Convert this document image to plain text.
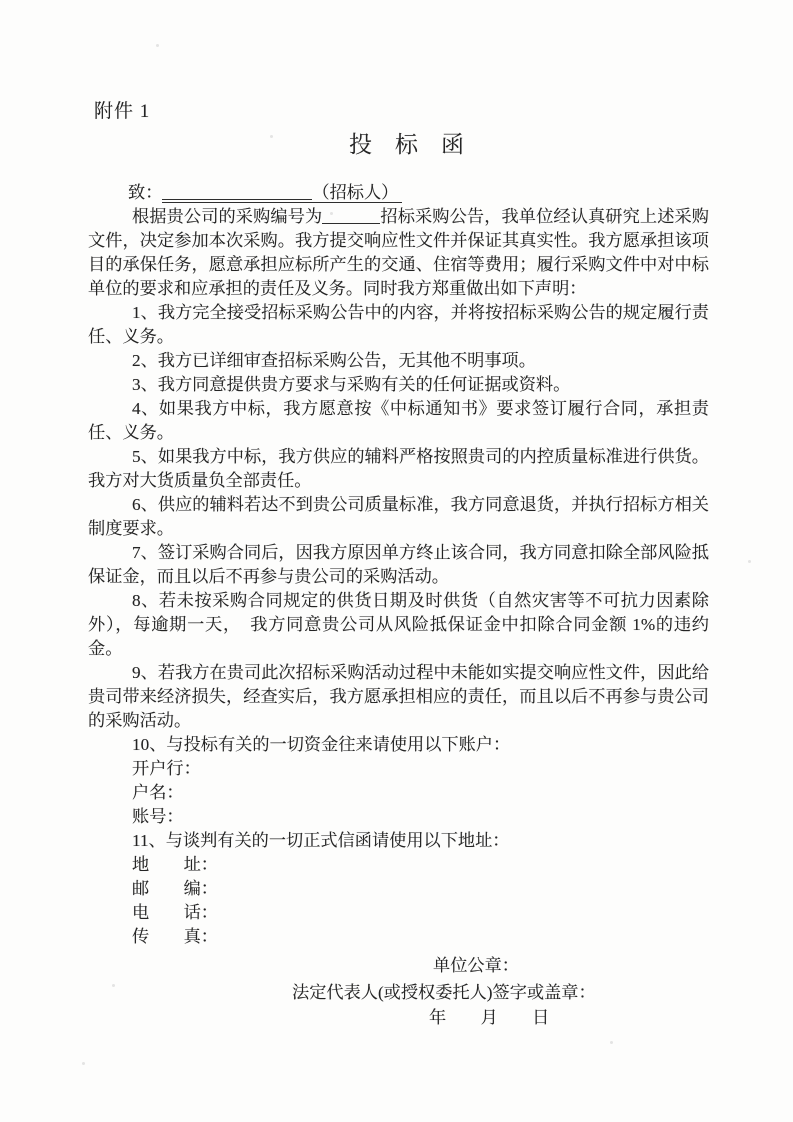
附件 1
投　标　函

致：	（招标人）

根据贵公司的采购编号为	招标采购公告，我单位经认真研究上述采购文件，决定参加本次采购。我方提交响应性文件并保证其真实性。我方愿承担该项目的承保任务，愿意承担应标所产生的交通、住宿等费用；履行采购文件中对中标单位的要求和应承担的责任及义务。同时我方郑重做出如下声明：

1、我方完全接受招标采购公告中的内容，并将按招标采购公告的规定履行责任、义务。

2、我方已详细审查招标采购公告，无其他不明事项。

3、我方同意提供贵方要求与采购有关的任何证据或资料。

4、如果我方中标，我方愿意按《中标通知书》要求签订履行合同，承担责任、义务。

5、如果我方中标，我方供应的辅料严格按照贵司的内控质量标准进行供货。我方对大货质量负全部责任。

6、供应的辅料若达不到贵公司质量标准，我方同意退货，并执行招标方相关制度要求。

7、签订采购合同后，因我方原因单方终止该合同，我方同意扣除全部风险抵保证金，而且以后不再参与贵公司的采购活动。

8、若未按采购合同规定的供货日期及时供货（自然灾害等不可抗力因素除外），每逾期一天，　我方同意贵公司从风险抵保证金中扣除合同金额 1%的违约金。

9、若我方在贵司此次招标采购活动过程中未能如实提交响应性文件，因此给贵司带来经济损失，经查实后，我方愿承担相应的责任，而且以后不再参与贵公司的采购活动。

10、与投标有关的一切资金往来请使用以下账户：

开户行：

户名：

账号：

11、与谈判有关的一切正式信函请使用以下地址：

地　　址：

邮　　编：

电　　话：

传　　真：

单位公章：
法定代表人(或授权委托人)签字或盖章：
年　　月　　日
